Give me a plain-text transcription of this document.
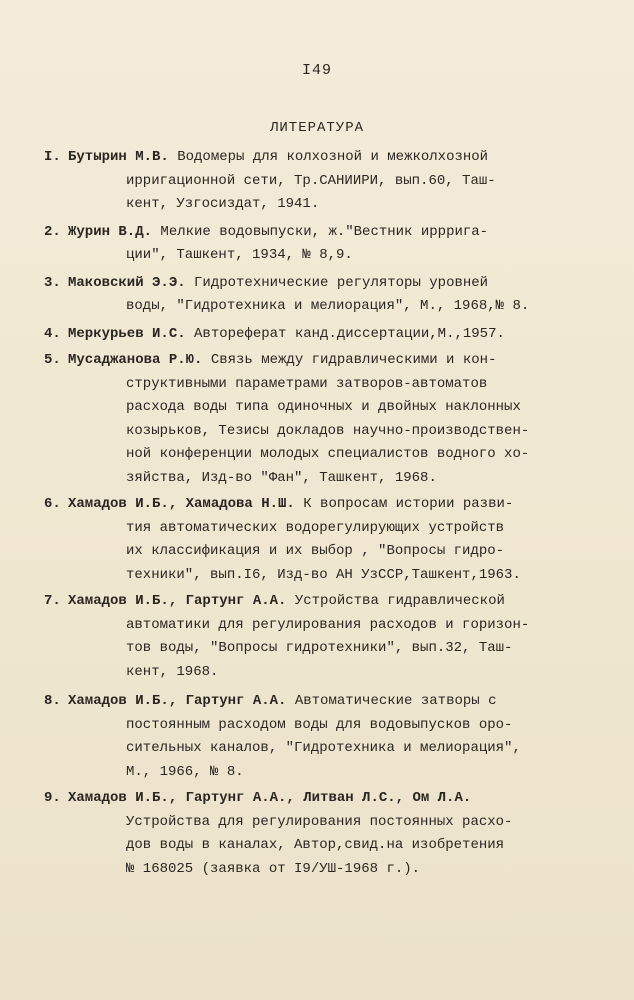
I49
ЛИТЕРАТУРА
I. Бутырин М.В. Водомеры для колхозной и межколхозной
ирригационной сети, Тр.САНИИРИ, вып.60, Таш-
кент, Узгосиздат, 1941.
2. Журин В.Д. Мелкие водовыпуски, ж."Вестник ирррига-
ции", Ташкент, 1934, № 8,9.
3. Маковский Э.Э. Гидротехнические регуляторы уровней
воды, "Гидротехника и мелиорация", М., 1968,№ 8.
4. Меркурьев И.С. Автореферат канд.диссертации,М.,1957.
5. Мусаджанова Р.Ю. Связь между гидравлическими и кон-
структивными параметрами затворов-автоматов
расхода воды типа одиночных и двойных наклонных
козырьков, Тезисы докладов научно-производствен-
ной конференции молодых специалистов водного хо-
зяйства, Изд-во "Фан", Ташкент, 1968.
6. Хамадов И.Б., Хамадова Н.Ш. К вопросам истории разви-
тия автоматических водорегулирующих устройств
их классификация и их выбор , "Вопросы гидро-
техники", вып.I6, Изд-во АН УзССР,Ташкент,1963.
7. Хамадов И.Б., Гартунг А.А. Устройства гидравлической
автоматики для регулирования расходов и горизон-
тов воды, "Вопросы гидротехники", вып.32, Таш-
кент, 1968.
8. Хамадов И.Б., Гартунг А.А. Автоматические затворы с
постоянным расходом воды для водовыпусков оро-
сительных каналов, "Гидротехника и мелиорация",
М., 1966, № 8.
9. Хамадов И.Б., Гартунг А.А., Литван Л.С., Ом Л.А.
Устройства для регулирования постоянных расхо-
дов воды в каналах, Автор,свид.на изобретения
№ 168025 (заявка от I9/УШ-1968 г.).
